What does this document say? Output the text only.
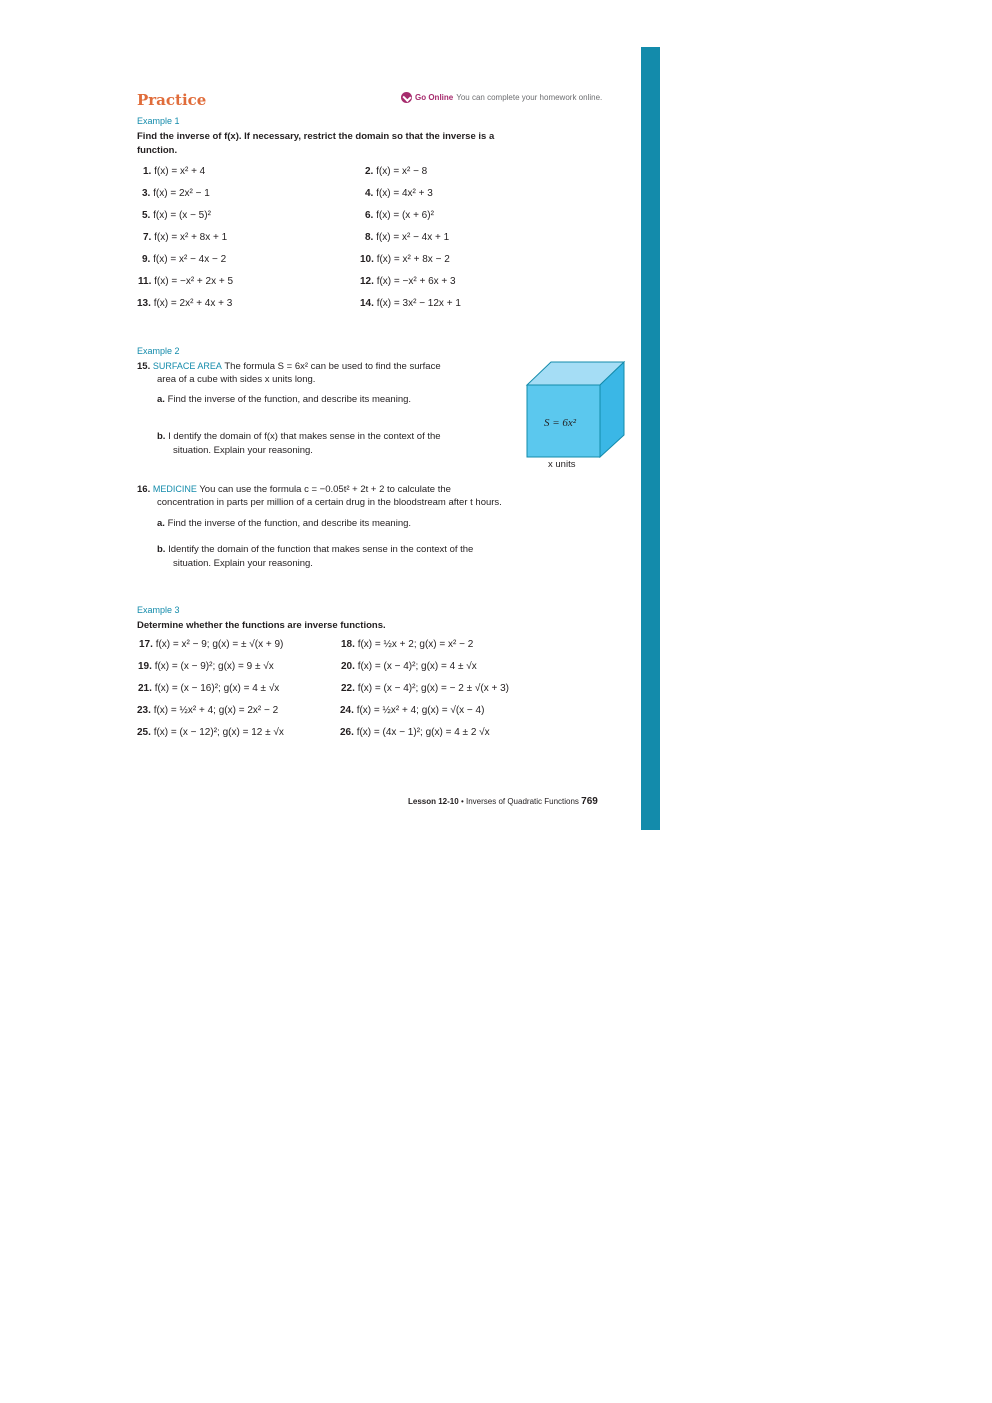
Practice	Go Online You can complete your homework online.
Example 1
Find the inverse of f(x). If necessary, restrict the domain so that the inverse is a function.
1. f(x) = x² + 4	2. f(x) = x² − 8
3. f(x) = 2x² − 1	4. f(x) = 4x² + 3
5. f(x) = (x − 5)²	6. f(x) = (x + 6)²
7. f(x) = x² + 8x + 1	8. f(x) = x² − 4x + 1
9. f(x) = x² − 4x − 2	10. f(x) = x² + 8x − 2
11. f(x) = −x² + 2x + 5	12. f(x) = −x² + 6x + 3
13. f(x) = 2x² + 4x + 3	14. f(x) = 3x² − 12x + 1
Example 2
15. SURFACE AREA The formula S = 6x² can be used to find the surface
area of a cube with sides x units long.
a. Find the inverse of the function, and describe its meaning.
b. I dentify the domain of f(x) that makes sense in the context of the
situation. Explain your reasoning.
S = 6x²
x units
16. MEDICINE You can use the formula c = −0.05t² + 2t + 2 to calculate the
concentration in parts per million of a certain drug in the bloodstream after t hours.
a. Find the inverse of the function, and describe its meaning.
b. Identify the domain of the function that makes sense in the context of the
situation. Explain your reasoning.
Example 3
Determine whether the functions are inverse functions.
17. f(x) = x² − 9; g(x) = ± √(x + 9)	18. f(x) = ½x + 2; g(x) = x² − 2
19. f(x) = (x − 9)²; g(x) = 9 ± √x	20. f(x) = (x − 4)²; g(x) = 4 ± √x
21. f(x) = (x − 16)²; g(x) = 4 ± √x	22. f(x) = (x − 4)²; g(x) = − 2 ± √(x + 3)
23. f(x) = ½x² + 4; g(x) = 2x² − 2	24. f(x) = ½x² + 4; g(x) = √(x − 4)
25. f(x) = (x − 12)²; g(x) = 12 ± √x	26. f(x) = (4x − 1)²; g(x) = 4 ± 2 √x
Lesson 12-10 • Inverses of Quadratic Functions 769
